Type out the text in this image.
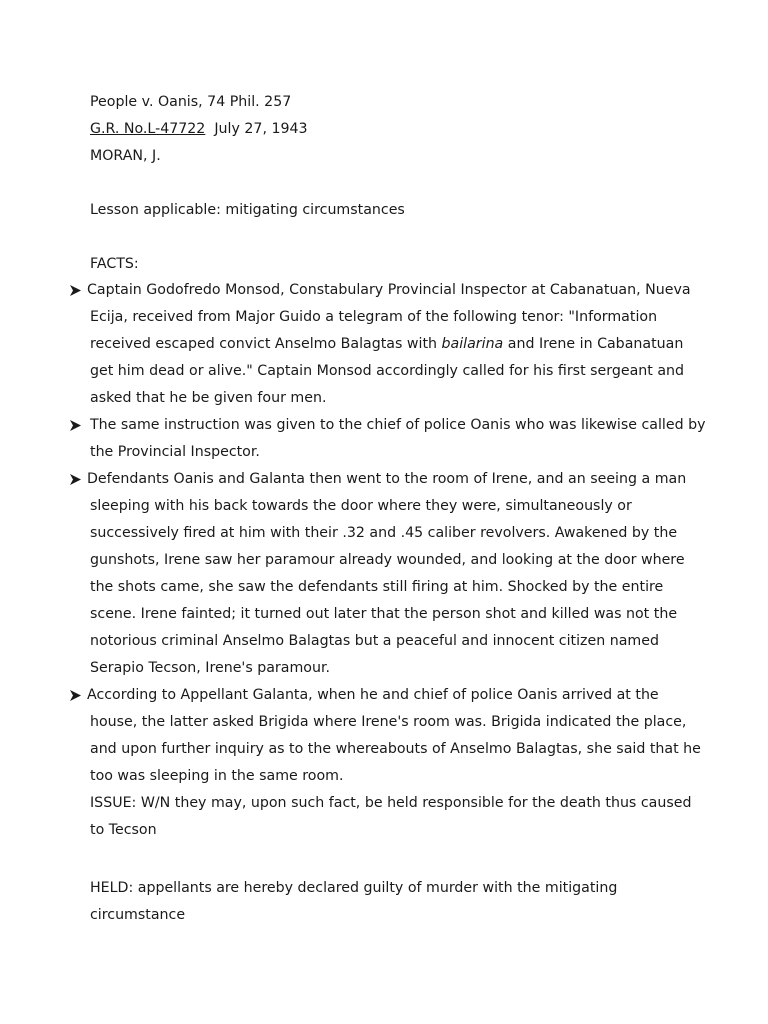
People v. Oanis, 74 Phil. 257
G.R. No.L-47722 July 27, 1943
MORAN, J.
Lesson applicable: mitigating circumstances
FACTS:
Captain Godofredo Monsod, Constabulary Provincial Inspector at Cabanatuan, Nueva
Ecija, received from Major Guido a telegram of the following tenor: "Information
received escaped convict Anselmo Balagtas with bailarina and Irene in Cabanatuan
get him dead or alive." Captain Monsod accordingly called for his first sergeant and
asked that he be given four men.
The same instruction was given to the chief of police Oanis who was likewise called by
the Provincial Inspector.
Defendants Oanis and Galanta then went to the room of Irene, and an seeing a man
sleeping with his back towards the door where they were, simultaneously or
successively fired at him with their .32 and .45 caliber revolvers. Awakened by the
gunshots, Irene saw her paramour already wounded, and looking at the door where
the shots came, she saw the defendants still firing at him. Shocked by the entire
scene. Irene fainted; it turned out later that the person shot and killed was not the
notorious criminal Anselmo Balagtas but a peaceful and innocent citizen named
Serapio Tecson, Irene's paramour.
According to Appellant Galanta, when he and chief of police Oanis arrived at the
house, the latter asked Brigida where Irene's room was. Brigida indicated the place,
and upon further inquiry as to the whereabouts of Anselmo Balagtas, she said that he
too was sleeping in the same room.
ISSUE: W/N they may, upon such fact, be held responsible for the death thus caused
to Tecson
HELD: appellants are hereby declared guilty of murder with the mitigating
circumstance
